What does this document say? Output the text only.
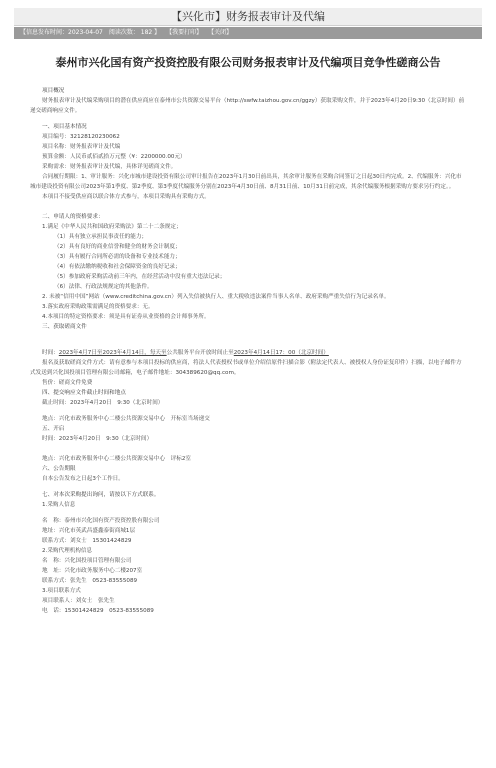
【兴化市】财务报表审计及代编
【信息发布时间：2023-04-07　阅读次数： 182 】 【我要打印】 【关闭】
泰州市兴化国有资产投资控股有限公司财务报表审计及代编项目竞争性磋商公告

项目概况

财务报表审计及代编采购项目的潜在供应商应在泰州市公共资源交易平台（http://swfw.taizhou.gov.cn/ggzy）获取采购文件，并于2023年4月20日9:30（北京时间）前递交磋商响应文件。

一、项目基本情况

项目编号：32128120230062

项目名称：财务报表审计及代编

预算金额：人民币贰佰贰拾万元整（¥：2200000.00元）

采购需求：财务报表审计及代编，具体详见磋商文件。

合同履行期限：1、审计服务：兴化市城市建设投资有限公司审计报告在2023年1月30日前出具，其余审计服务在采购合同签订之日起30日内完成。2、代编服务：兴化市城市建设投资有限公司2023年第1季度、第2季度、第3季度代编服务分别在2023年4月30日前、8月31日前、10月31日前完成，其余代编服务根据采购方要求另行约定。。

本项目不接受供应商以联合体方式参与，本项目采购具有采购方式。

二、申请人的资格要求：

1.满足《中华人民共和国政府采购法》第二十二条规定；

（1）具有独立承担民事责任的能力；

（2）具有良好的商业信誉和健全的财务会计制度；

（3）具有履行合同所必需的设备和专业技术能力；

（4）有依法缴纳税收和社会保障资金的良好记录；

（5）参加政府采购活动前三年内，在经营活动中没有重大违法记录；

（6）法律、行政法规规定的其他条件。

2. 未被“信用中国”网站（www.creditchina.gov.cn）列入失信被执行人、重大税收违法案件当事人名单、政府采购严重失信行为记录名单。

3.落实政府采购政策需满足的资格要求：无。

4.本项目的特定资格要求：须是具有证券从业资格的会计师事务所。

三、获取磋商文件

时间：2023年4月7日至2023年4月14日，每天至公共服务平台开放时间止至2023年4月14日17：00（北京时间）

报名及获取磋商文件方式：请有意参与本项目投标的供应商，将法人代表授权书或单位介绍信原件扫描合影（附法定代表人、被授权人身份证复印件）扫描，以电子邮件方式发送到兴化国投项目管理有限公司邮箱，电子邮件地址：304389620@qq.com。

售价：磋商文件免费

四、提交响应文件截止时间和地点

截止时间：2023年4月20日　9:30（北京时间）

地点：兴化市政务服务中心二楼公共资源交易中心　开标室当场递交

五、开启

时间：2023年4月20日　9:30（北京时间）

地点：兴化市政务服务中心二楼公共资源交易中心　评标2室

六、公告期限

自本公告发布之日起3个工作日。

七、对本次采购提出询问，请按以下方式联系。

1.采购人信息

名　称：泰州市兴化国有资产投资控股有限公司

地址：兴化市英武昌盛鑫泰街商城1层

联系方式：刘女士　15301424829

2.采购代理机构信息

名　称：兴化国投项目管理有限公司

地　址：兴化市政务服务中心二楼207室

联系方式：张先生　0523-83555089

3.项目联系方式

项目联系人：刘女士　张先生

电　话：15301424829　0523-83555089
